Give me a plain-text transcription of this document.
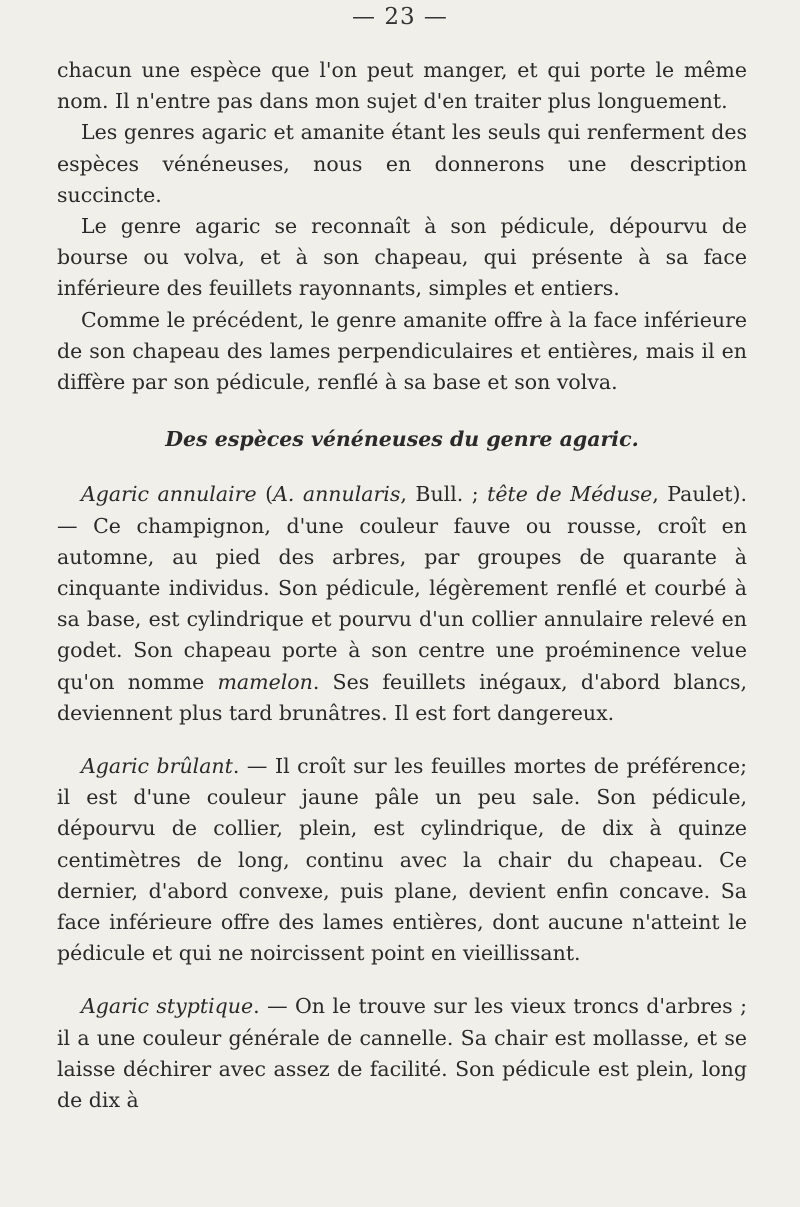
— 23 —

chacun une espèce que l'on peut manger, et qui porte le même nom. Il n'entre pas dans mon sujet d'en traiter plus longuement.

Les genres agaric et amanite étant les seuls qui renferment des espèces vénéneuses, nous en donnerons une description succincte.

Le genre agaric se reconnaît à son pédicule, dépourvu de bourse ou volva, et à son chapeau, qui présente à sa face inférieure des feuillets rayonnants, simples et entiers.

Comme le précédent, le genre amanite offre à la face inférieure de son chapeau des lames perpendiculaires et entières, mais il en diffère par son pédicule, renflé à sa base et son volva.

Des espèces vénéneuses du genre agaric.

Agaric annulaire (A. annularis, Bull. ; tête de Méduse, Paulet).— Ce champignon, d'une couleur fauve ou rousse, croît en automne, au pied des arbres, par groupes de quarante à cinquante individus. Son pédicule, légèrement renflé et courbé à sa base, est cylindrique et pourvu d'un collier annulaire relevé en godet. Son chapeau porte à son centre une proéminence velue qu'on nomme mamelon. Ses feuillets inégaux, d'abord blancs, deviennent plus tard brunâtres. Il est fort dangereux.

Agaric brûlant. — Il croît sur les feuilles mortes de préférence; il est d'une couleur jaune pâle un peu sale. Son pédicule, dépourvu de collier, plein, est cylindrique, de dix à quinze centimètres de long, continu avec la chair du chapeau. Ce dernier, d'abord convexe, puis plane, devient enfin concave. Sa face inférieure offre des lames entières, dont aucune n'atteint le pédicule et qui ne noircissent point en vieillissant.

Agaric styptique. — On le trouve sur les vieux troncs d'arbres ; il a une couleur générale de cannelle. Sa chair est mollasse, et se laisse déchirer avec assez de facilité. Son pédicule est plein, long de dix à
